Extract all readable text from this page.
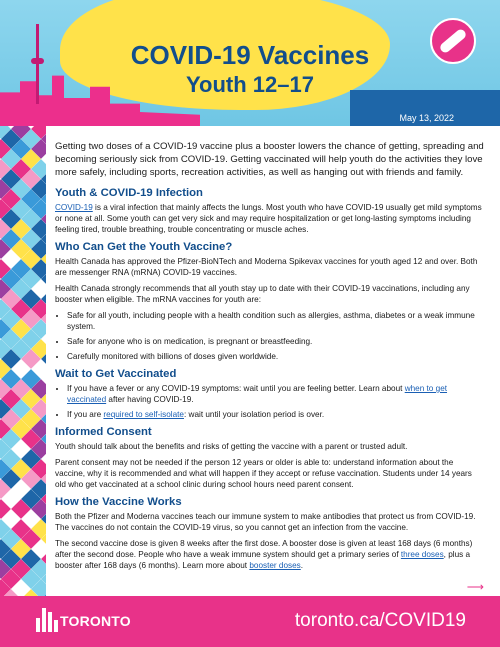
COVID-19 Vaccines
Youth 12–17
May 13, 2022

Getting two doses of a COVID-19 vaccine plus a booster lowers the chance of getting, spreading and becoming seriously sick from COVID-19. Getting vaccinated will help youth do the activities they love more safely, including sports, recreation activities, as well as hanging out with friends and family.

Youth & COVID-19 Infection

COVID-19 is a viral infection that mainly affects the lungs. Most youth who have COVID-19 usually get mild symptoms or none at all. Some youth can get very sick and may require hospitalization or get long-lasting symptoms including feeling tired, trouble breathing, trouble concentrating or muscle aches.

Who Can Get the Youth Vaccine?

Health Canada has approved the Pfizer-BioNTech and Moderna Spikevax vaccines for youth aged 12 and over. Both are messenger RNA (mRNA) COVID-19 vaccines.

Health Canada strongly recommends that all youth stay up to date with their COVID-19 vaccinations, including any booster when eligible. The mRNA vaccines for youth are:

• Safe for all youth, including people with a health condition such as allergies, asthma, diabetes or a weak immune system.
• Safe for anyone who is on medication, is pregnant or breastfeeding.
• Carefully monitored with billions of doses given worldwide.
Wait to Get Vaccinated
• If you have a fever or any COVID-19 symptoms: wait until you are feeling better. Learn about when to get vaccinated after having COVID-19.
• If you are required to self-isolate: wait until your isolation period is over.
Informed Consent

Youth should talk about the benefits and risks of getting the vaccine with a parent or trusted adult.

Parent consent may not be needed if the person 12 years or older is able to: understand information about the vaccine, why it is recommended and what will happen if they accept or refuse vaccination. Students under 14 years old who get vaccinated at a school clinic during school hours need parent consent.

How the Vaccine Works

Both the Pfizer and Moderna vaccines teach our immune system to make antibodies that protect us from COVID-19. The vaccines do not contain the COVID-19 virus, so you cannot get an infection from the vaccine.

The second vaccine dose is given 8 weeks after the first dose. A booster dose is given at least 168 days (6 months) after the second dose. People who have a weak immune system should get a primary series of three doses, plus a booster after 168 days (6 months). Learn more about booster doses.

⟶
TORONTO	toronto.ca/COVID19
